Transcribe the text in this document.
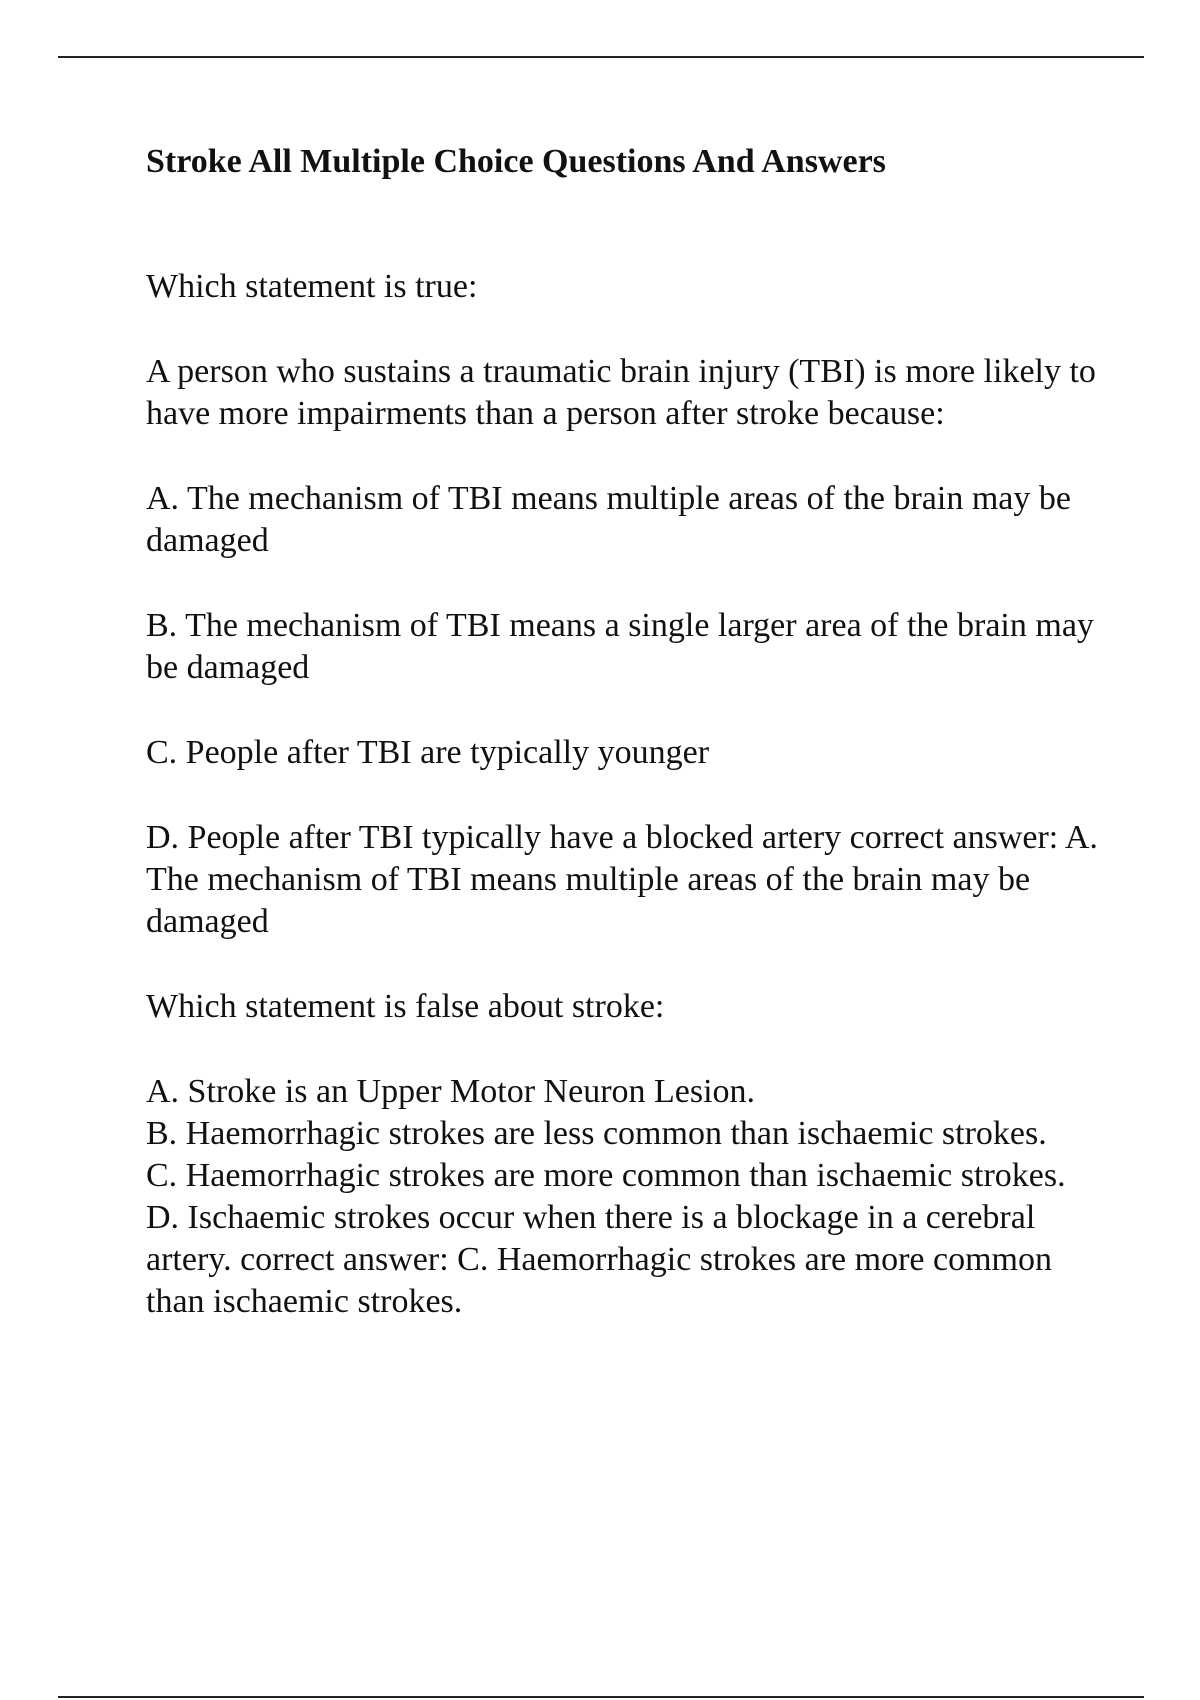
Stroke All Multiple Choice Questions And Answers

Which statement is true:

A person who sustains a traumatic brain injury (TBI) is more likely to have more impairments than a person after stroke because:

A. The mechanism of TBI means multiple areas of the brain may be damaged

B. The mechanism of TBI means a single larger area of the brain may be damaged

C. People after TBI are typically younger

D. People after TBI typically have a blocked artery correct answer: A. The mechanism of TBI means multiple areas of the brain may be damaged

Which statement is false about stroke:

A. Stroke is an Upper Motor Neuron Lesion.

B. Haemorrhagic strokes are less common than ischaemic strokes.

C. Haemorrhagic strokes are more common than ischaemic strokes.

D. Ischaemic strokes occur when there is a blockage in a cerebral artery. correct answer: C. Haemorrhagic strokes are more common than ischaemic strokes.
